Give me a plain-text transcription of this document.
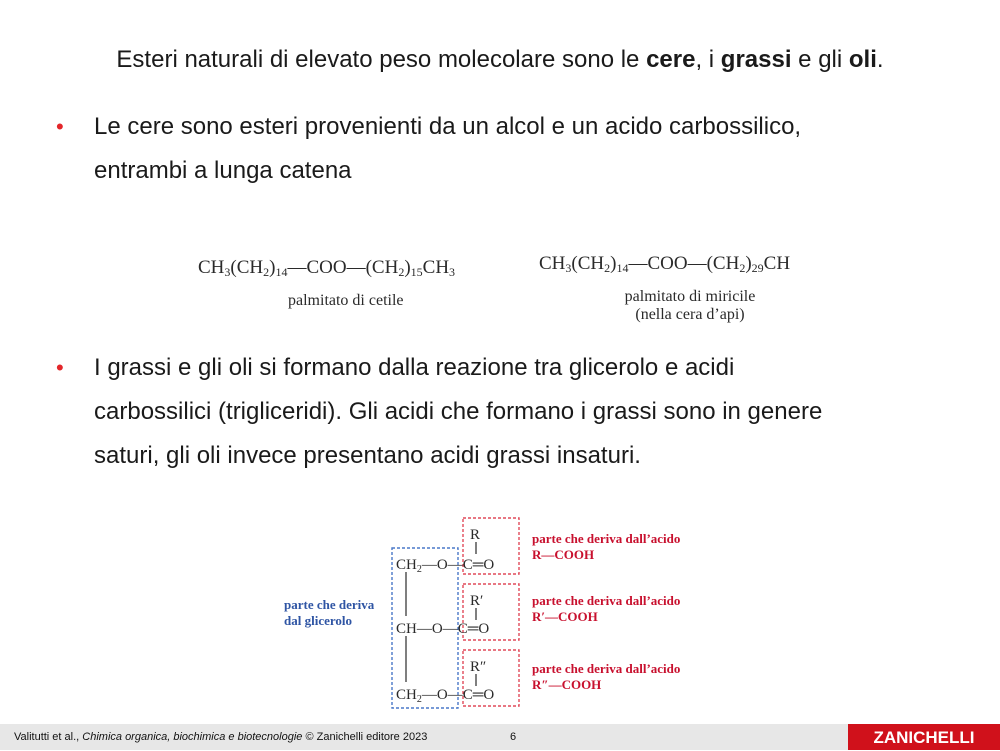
Esteri naturali di elevato peso molecolare sono le cere, i grassi e gli oli.
• Le cere sono esteri provenienti da un alcol e un acido carbossilico,
entrambi a lunga catena
$CH_3(CH_2)_{14}—COO—(CH_2)_{15}CH_3$
palmitato di cetile
$CH_3(CH_2)_{14}—COO—(CH_2)_{29}CH$
palmitato di miricile
(nella cera d’api)
• I grassi e gli oli si formano dalla reazione tra glicerolo e acidi
carbossilici (trigliceridi). Gli acidi che formano i grassi sono in genere
saturi, gli oli invece presentano acidi grassi insaturi.
R
$CH_2—O—C═O$
R′
CH—O—C═O
R″
$CH_2—O—C═O$
parte che deriva
dal glicerolo
parte che deriva dall’acido
R—COOH
parte che deriva dall’acido
R′—COOH
parte che deriva dall’acido
R″—COOH
Valitutti et al., Chimica organica, biochimica e biotecnologie © Zanichelli editore 2023	6	ZANICHELLI
